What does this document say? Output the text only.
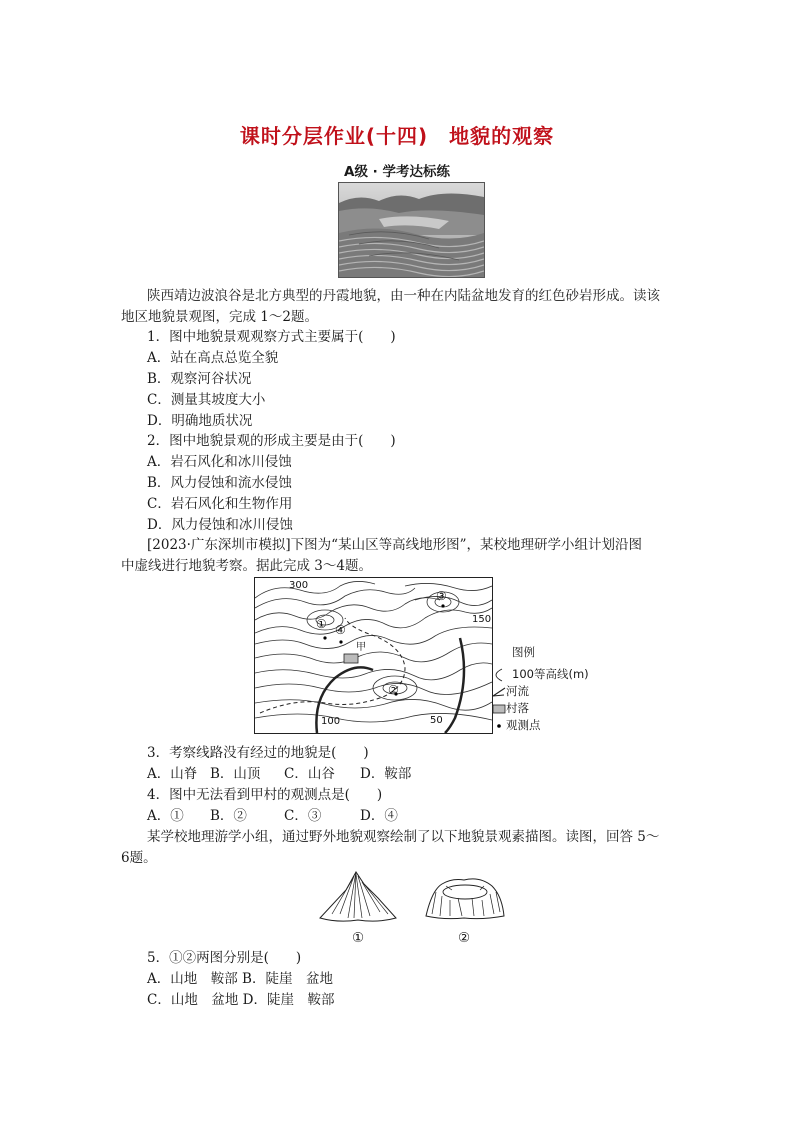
课时分层作业(十四)　地貌的观察
A级 · 学考达标练
陕西靖边波浪谷是北方典型的丹霞地貌，由一种在内陆盆地发育的红色砂岩形成。读该
地区地貌景观图，完成 1～2题。
1．图中地貌景观观察方式主要属于(　　)
A．站在高点总览全貌
B．观察河谷状况
C．测量其坡度大小
D．明确地质状况
2．图中地貌景观的形成主要是由于(　　)
A．岩石风化和冰川侵蚀
B．风力侵蚀和流水侵蚀
C．岩石风化和生物作用
D．风力侵蚀和冰川侵蚀
[2023·广东深圳市模拟]下图为“某山区等高线地形图”，某校地理研学小组计划沿图
中虚线进行地貌考察。据此完成 3～4题。
300
150
100	50
甲
① ④
③
②
图例
100等高线(m)
河流
村落
观测点
3．考察线路没有经过的地貌是(　　)
A．山脊 B．山顶 C．山谷 D．鞍部
4．图中无法看到甲村的观测点是(　　)
A．① B．②	C．③	D．④
某学校地理游学小组，通过野外地貌观察绘制了以下地貌景观素描图。读图，回答 5～
6题。
①	②
5．①②两图分别是(　　)
A．山地　鞍部 B．陡崖　盆地
C．山地　盆地 D．陡崖　鞍部
